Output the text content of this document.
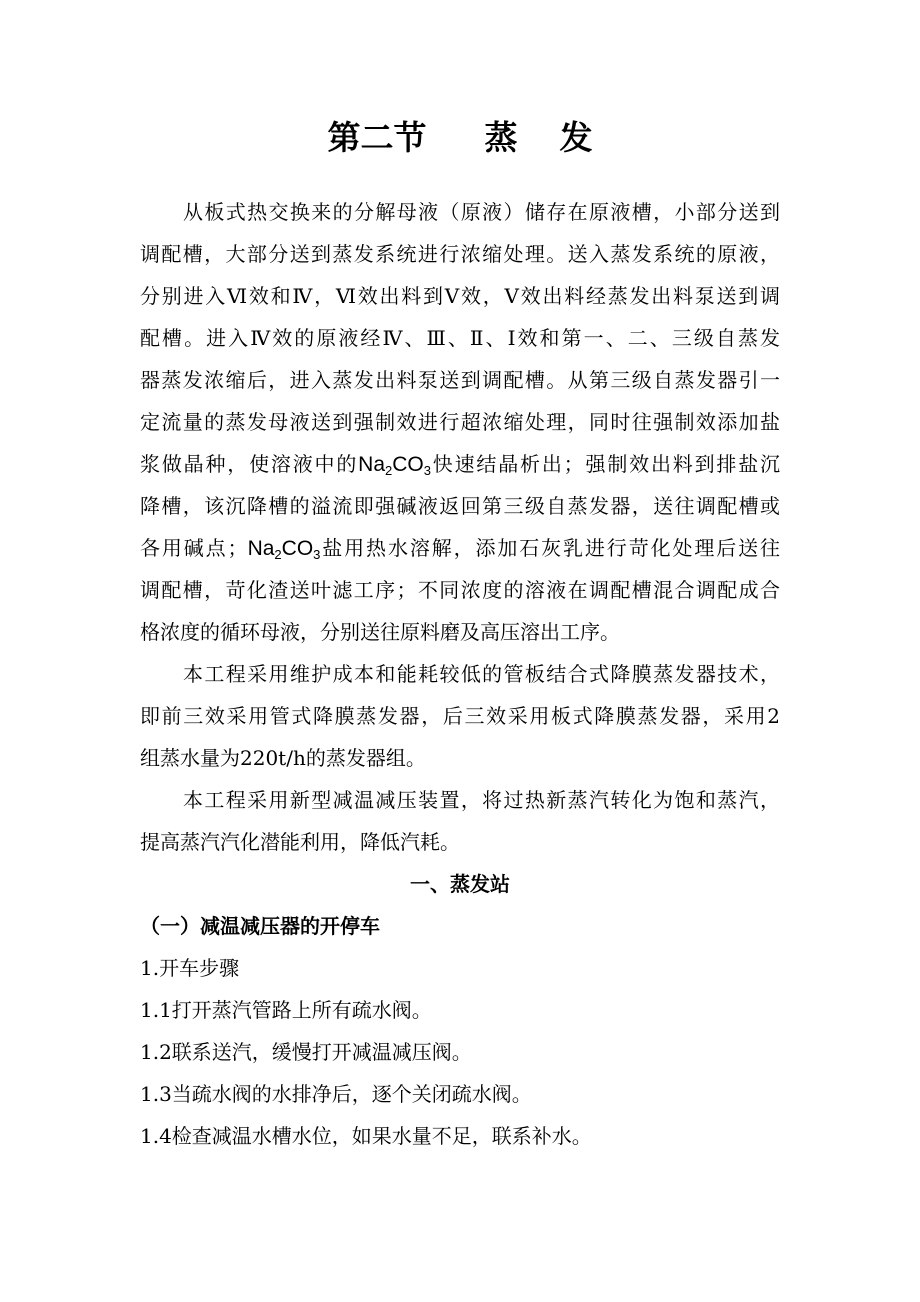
第二节 蒸 发
从板式热交换来的分解母液（原液）储存在原液槽，小部分送到
调配槽，大部分送到蒸发系统进行浓缩处理。送入蒸发系统的原液，
分别进入Ⅵ效和Ⅳ，Ⅵ效出料到Ⅴ效，Ⅴ效出料经蒸发出料泵送到调
配槽。进入Ⅳ效的原液经Ⅳ、Ⅲ、Ⅱ、Ⅰ效和第一、二、三级自蒸发
器蒸发浓缩后，进入蒸发出料泵送到调配槽。从第三级自蒸发器引一
定流量的蒸发母液送到强制效进行超浓缩处理，同时往强制效添加盐
浆做晶种，使溶液中的$Na_2CO_3$快速结晶析出；强制效出料到排盐沉
降槽，该沉降槽的溢流即强碱液返回第三级自蒸发器，送往调配槽或
各用碱点；$Na_2CO_3$盐用热水溶解，添加石灰乳进行苛化处理后送往
调配槽，苛化渣送叶滤工序；不同浓度的溶液在调配槽混合调配成合
格浓度的循环母液，分别送往原料磨及高压溶出工序。
本工程采用维护成本和能耗较低的管板结合式降膜蒸发器技术，
即前三效采用管式降膜蒸发器，后三效采用板式降膜蒸发器，采用2
组蒸水量为220t/h的蒸发器组。
本工程采用新型减温减压装置，将过热新蒸汽转化为饱和蒸汽，
提高蒸汽汽化潜能利用，降低汽耗。
一、蒸发站
（一）减温减压器的开停车
1.开车步骤
1.1打开蒸汽管路上所有疏水阀。
1.2联系送汽，缓慢打开减温减压阀。
1.3当疏水阀的水排净后，逐个关闭疏水阀。
1.4检查减温水槽水位，如果水量不足，联系补水。
